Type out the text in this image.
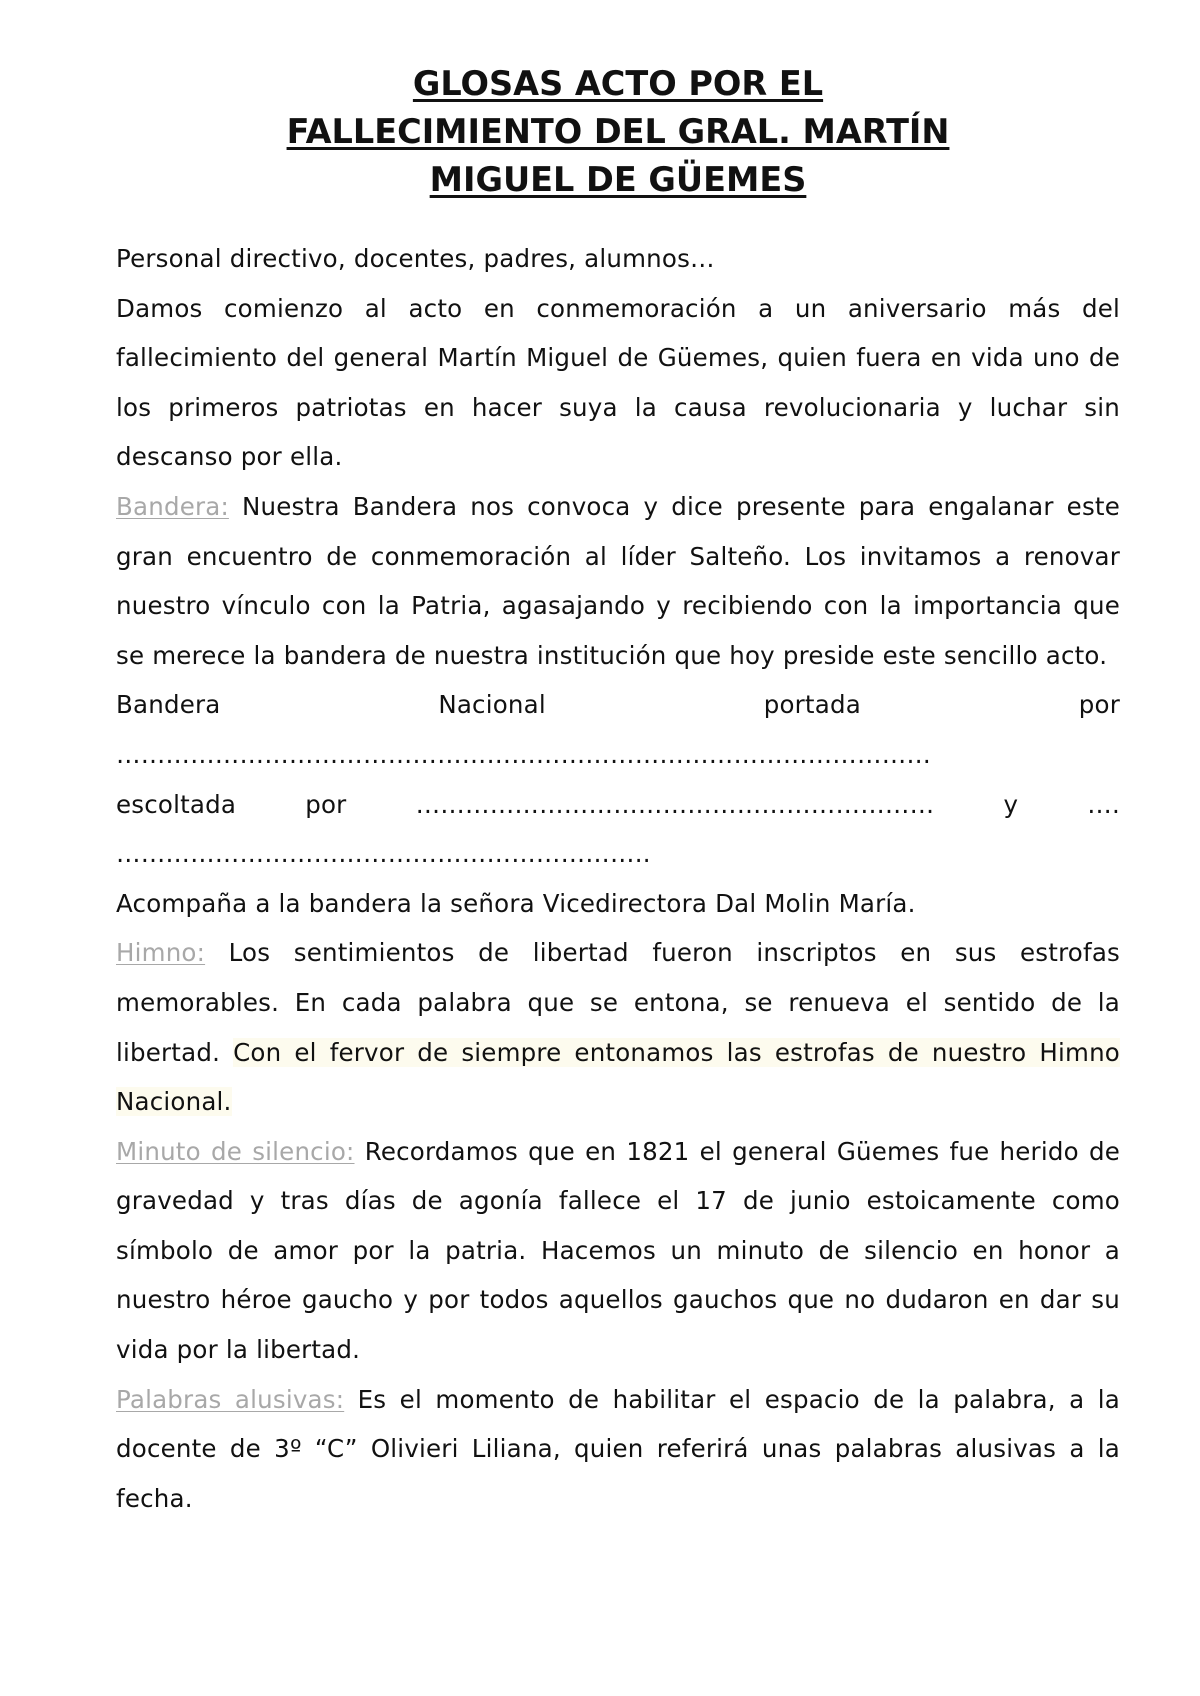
GLOSAS ACTO POR EL
FALLECIMIENTO DEL GRAL. MARTÍN
MIGUEL DE GÜEMES

Personal directivo, docentes, padres, alumnos…

Damos comienzo al acto en conmemoración a un aniversario más del fallecimiento del general Martín Miguel de Güemes, quien fuera en vida uno de los primeros patriotas en hacer suya la causa revolucionaria y luchar sin descanso por ella.

Bandera: Nuestra Bandera nos convoca y dice presente para engalanar este gran encuentro de conmemoración al líder Salteño. Los invitamos a renovar nuestro vínculo con la Patria, agasajando y recibiendo con la importancia que se merece la bandera de nuestra institución que hoy preside este sencillo acto.

Bandera	Nacional	portada	por

………………………………………………………………………………………

escoltada	por	………………………………………………………	y	….

………………………………………………………..

Acompaña a la bandera la señora Vicedirectora Dal Molin María.

Himno: Los sentimientos de libertad fueron inscriptos en sus estrofas memorables. En cada palabra que se entona, se renueva el sentido de la libertad. Con el fervor de siempre entonamos las estrofas de nuestro Himno Nacional.

Minuto de silencio: Recordamos que en 1821 el general Güemes fue herido de gravedad y tras días de agonía fallece el 17 de junio estoicamente como símbolo de amor por la patria. Hacemos un minuto de silencio en honor a nuestro héroe gaucho y por todos aquellos gauchos que no dudaron en dar su vida por la libertad.

Palabras alusivas: Es el momento de habilitar el espacio de la palabra, a la docente de 3º “C” Olivieri Liliana, quien referirá unas palabras alusivas a la fecha.
